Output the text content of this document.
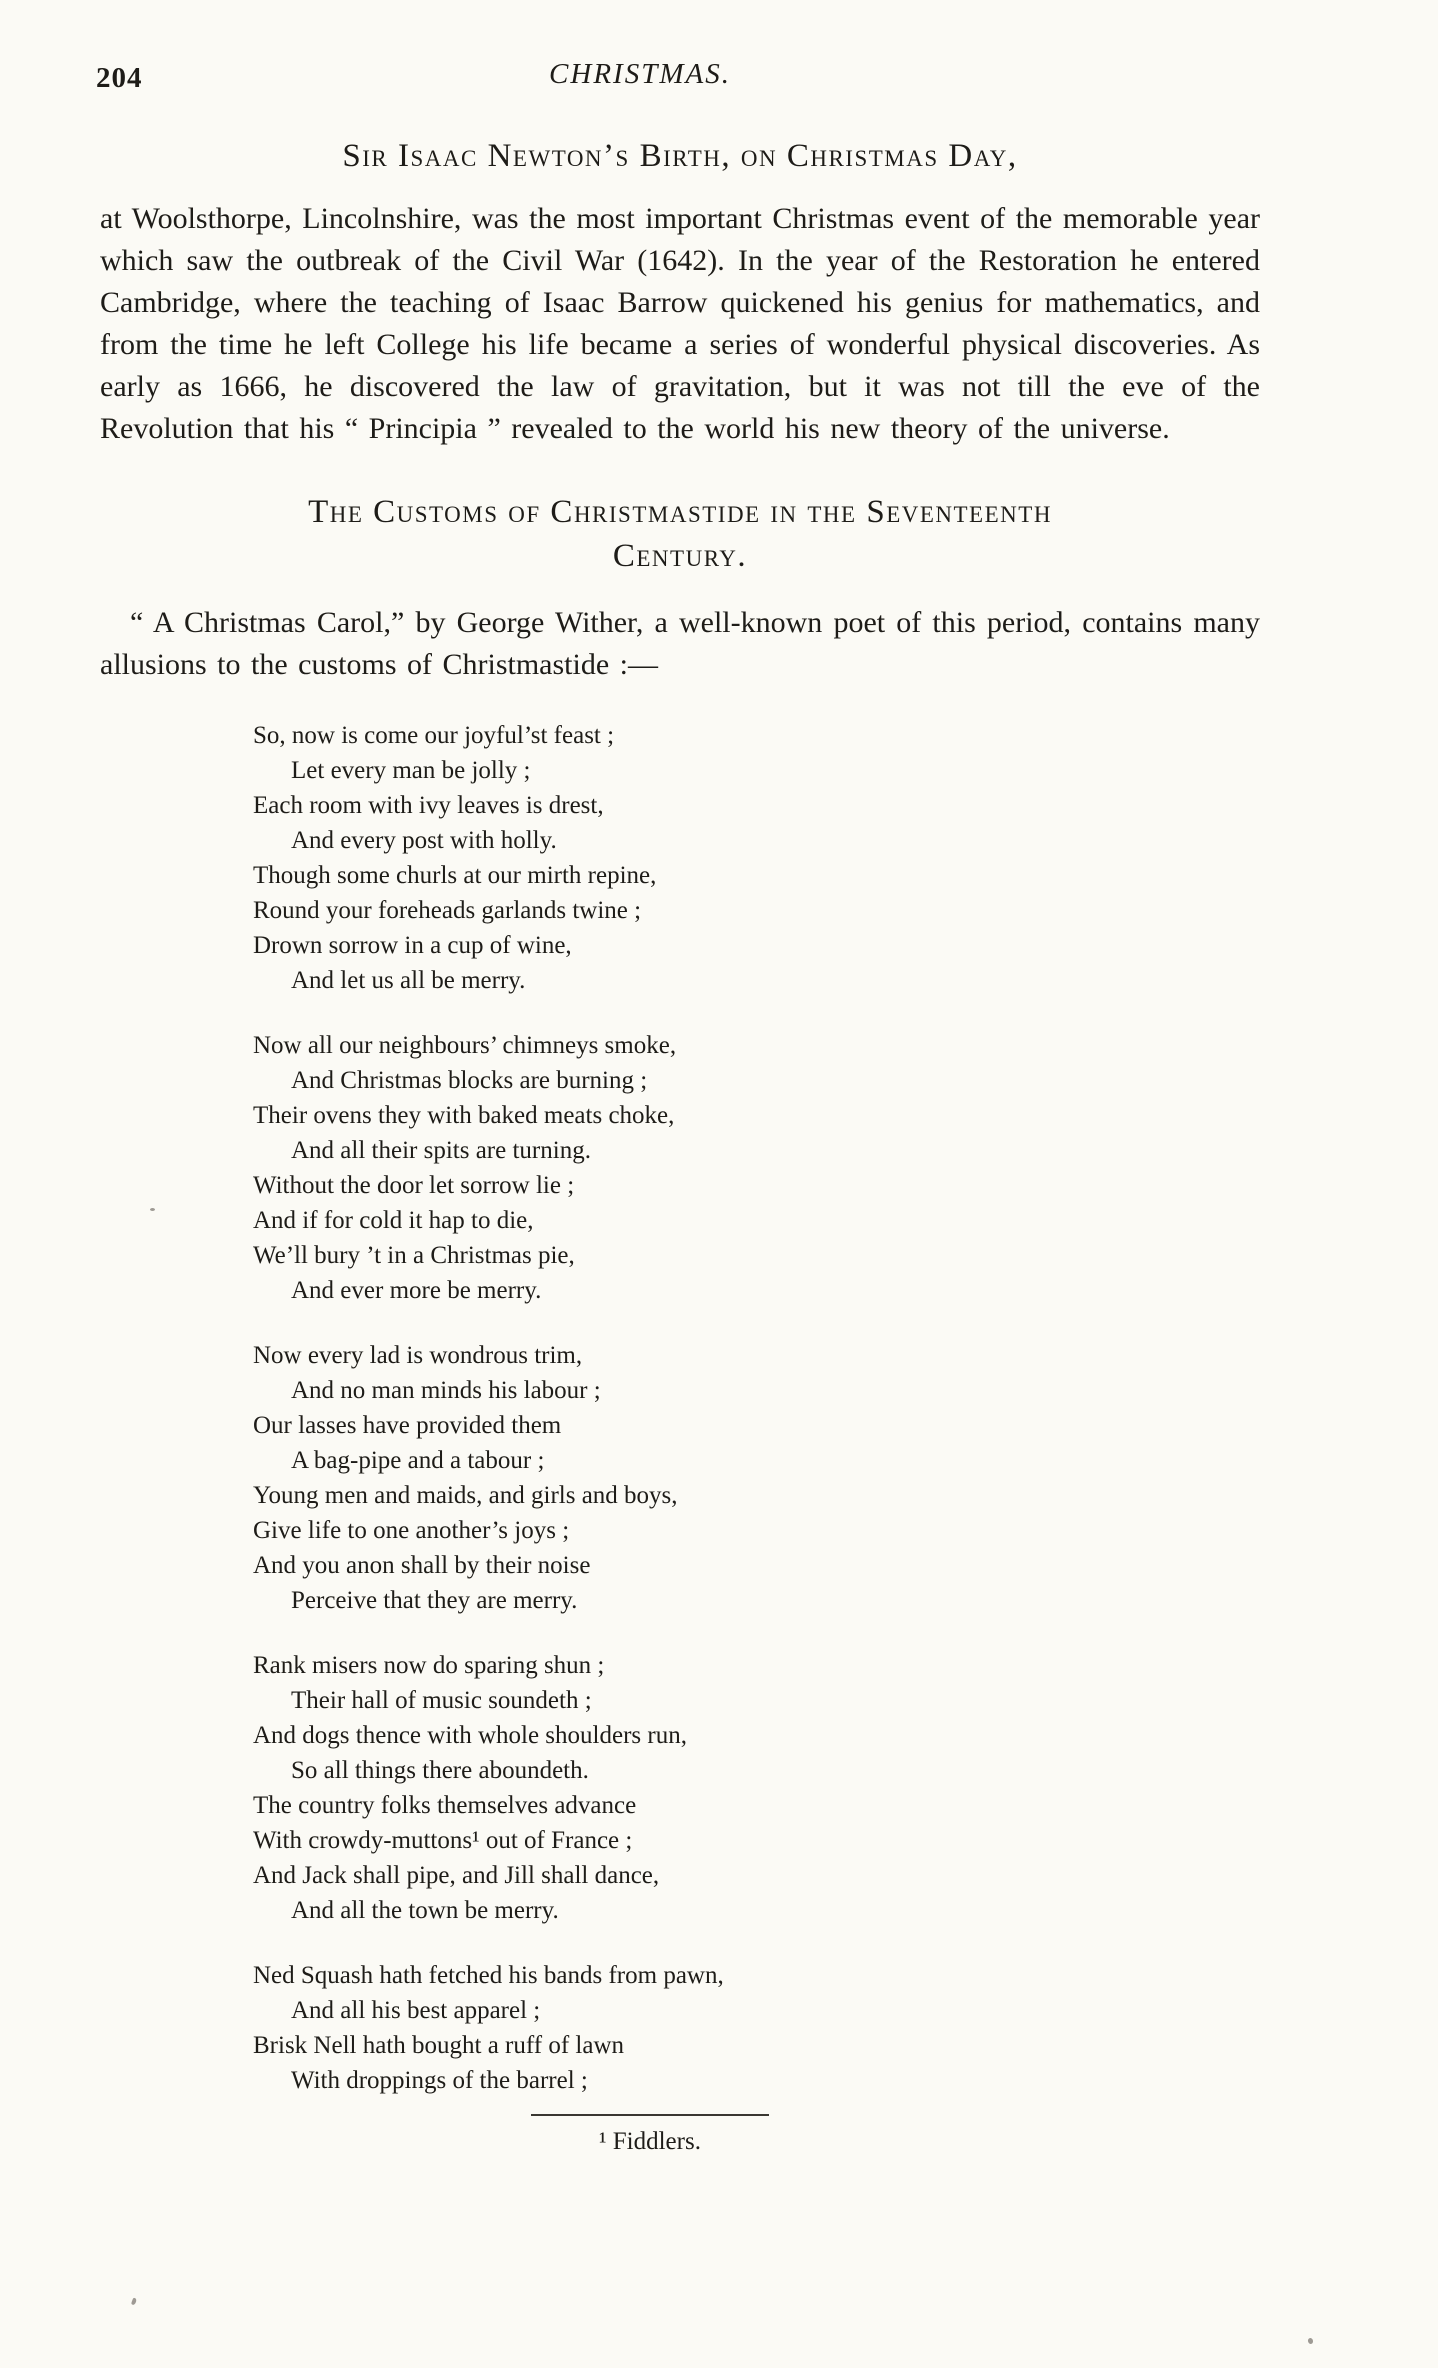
204	CHRISTMAS.
Sir Isaac Newton’s Birth, on Christmas Day,

at Woolsthorpe, Lincolnshire, was the most important Christmas event of the memorable year which saw the outbreak of the Civil War (1642). In the year of the Restoration he entered Cambridge, where the teaching of Isaac Barrow quickened his genius for mathematics, and from the time he left College his life became a series of wonderful physical discoveries. As early as 1666, he discovered the law of gravitation, but it was not till the eve of the Revolution that his “ Principia ” revealed to the world his new theory of the universe.

The Customs of Christmastide in the Seventeenth
Century.

“ A Christmas Carol,” by George Wither, a well-known poet of this period, contains many allusions to the customs of Christmastide :—

So, now is come our joyful’st feast ;
Let every man be jolly ;
Each room with ivy leaves is drest,
And every post with holly.
Though some churls at our mirth repine,
Round your foreheads garlands twine ;
Drown sorrow in a cup of wine,
And let us all be merry.
Now all our neighbours’ chimneys smoke,
And Christmas blocks are burning ;
Their ovens they with baked meats choke,
And all their spits are turning.
Without the door let sorrow lie ;
And if for cold it hap to die,
We’ll bury ’t in a Christmas pie,
And ever more be merry.
Now every lad is wondrous trim,
And no man minds his labour ;
Our lasses have provided them
A bag-pipe and a tabour ;
Young men and maids, and girls and boys,
Give life to one another’s joys ;
And you anon shall by their noise
Perceive that they are merry.
Rank misers now do sparing shun ;
Their hall of music soundeth ;
And dogs thence with whole shoulders run,
So all things there aboundeth.
The country folks themselves advance
With crowdy-muttons¹ out of France ;
And Jack shall pipe, and Jill shall dance,
And all the town be merry.
Ned Squash hath fetched his bands from pawn,
And all his best apparel ;
Brisk Nell hath bought a ruff of lawn
With droppings of the barrel ;
¹ Fiddlers.
